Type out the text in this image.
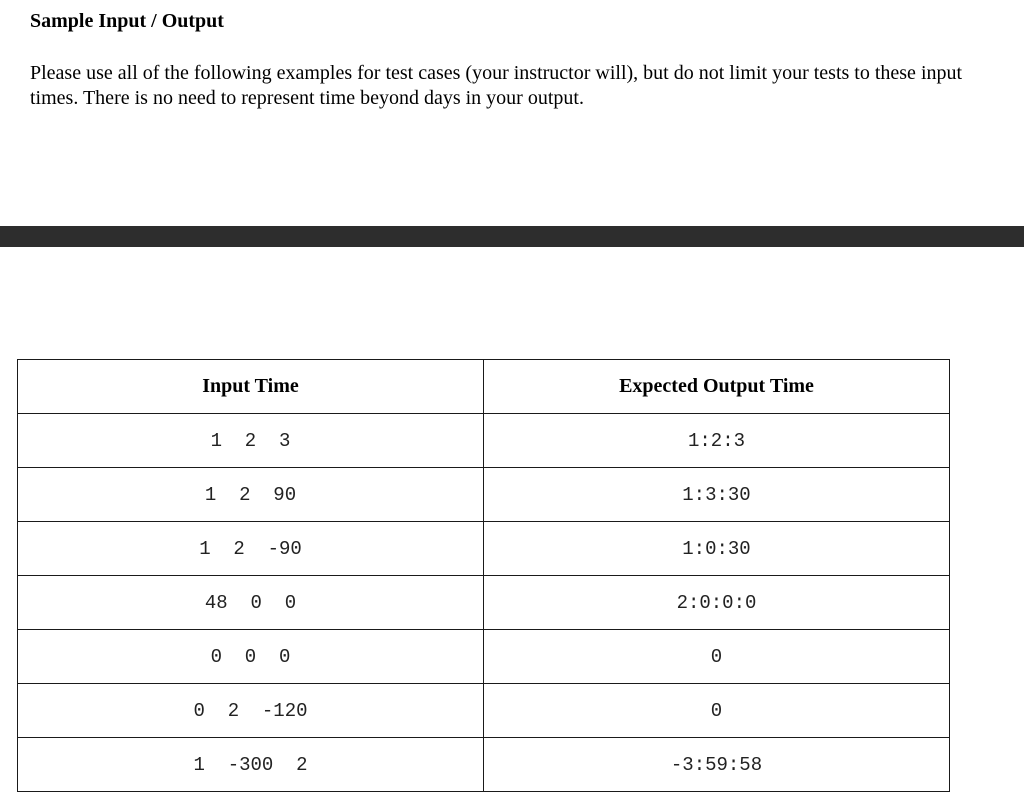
Sample Input / Output

Please use all of the following examples for test cases (your instructor will), but do not limit your tests to these input times. There is no need to represent time beyond days in your output.

Input Time	Expected Output Time
1  2  3	1:2:3
1  2  90	1:3:30
1  2  -90	1:0:30
48  0  0	2:0:0:0
0  0  0	0
0  2  -120	0
1  -300  2	-3:59:58
